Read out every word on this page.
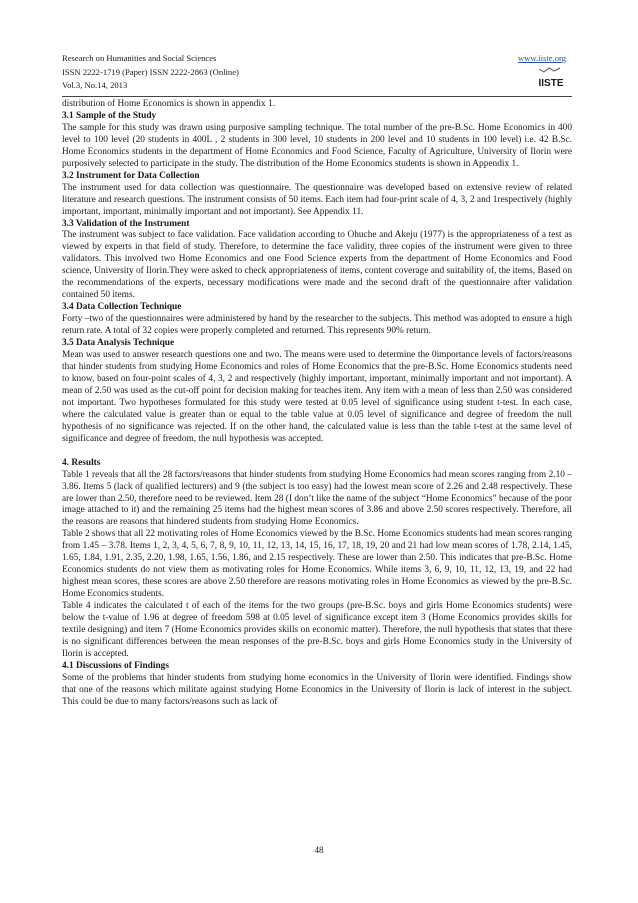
Research on Humanities and Social Sciences
ISSN 2222-1719 (Paper) ISSN 2222-2863 (Online)
Vol.3, No.14, 2013
www.iiste.org
IISTE

distribution of Home Economics is shown in appendix 1.

3.1 Sample of the Study

The sample for this study was drawn using purposive sampling technique. The total number of the pre-B.Sc. Home Economics in 400 level to 100 level (20 students in 400L , 2 students in 300 level, 10 students in 200 level and 10 students in 100 level) i.e. 42 B.Sc. Home Economics students in the department of Home Economics and Food Science, Faculty of Agriculture, University of Ilorin were purposively selected to participate in the study. The distribution of the Home Economics students is shown in Appendix 1.

3.2 Instrument for Data Collection

The instrument used for data collection was questionnaire. The questionnaire was developed based on extensive review of related literature and research questions. The instrument consists of 50 items. Each item had four-print scale of 4, 3, 2 and 1respectively (highly important, important, minimally important and not important). See Appendix 11.

3.3 Validation of the Instrument

The instrument was subject to face validation. Face validation according to Ohuche and Akeju (1977) is the appropriateness of a test as viewed by experts in that field of study. Therefore, to determine the face validity, three copies of the instrument were given to three validators. This involved two Home Economics and one Food Science experts from the department of Home Economics and Food science, University of Ilorin.They were asked to check appropriateness of items, content coverage and suitability of, the items, Based on the recommendations of the experts, necessary modifications were made and the second draft of the questionnaire after validation contained 50 items.

3.4 Data Collection Technique

Forty –two of the questionnaires were administered by hand by the researcher to the subjects. This method was adopted to ensure a high return rate. A total of 32 copies were properly completed and returned. This represents 90% return.

3.5 Data Analysis Technique

Mean was used to answer research questions one and two. The means were used to determine the 0importance levels of factors/reasons that hinder students from studying Home Economics and roles of Home Economics that the pre-B.Sc. Home Economics students need to know, based on four-point scales of 4, 3, 2 and respectively (highly important, important, minimally important and not important). A mean of 2.50 was used as the cut-off point for decision making for teaches item. Any item with a mean of less than 2.50 was considered not important. Two hypotheses formulated for this study were tested at 0.05 level of significance using student t-test. In each case, where the calculated value is greater than or equal to the table value at 0.05 level of significance and degree of freedom the null hypothesis of no significance was rejected. If on the other hand, the calculated value is less than the table t-test at the same level of significance and degree of freedom, the null hypothesis was accepted.

4. Results

Table 1 reveals that all the 28 factors/reasons that hinder students from studying Home Economics had mean scores ranging from 2.10 – 3.86. Items 5 (lack of qualified lecturers) and 9 (the subject is too easy) had the lowest mean score of 2.26 and 2.48 respectively. These are lower than 2.50, therefore need to be reviewed. Item 28 (I don’t like the name of the subject “Home Economics” because of the poor image attached to it) and the remaining 25 items had the highest mean scores of 3.86 and above 2.50 scores respectively. Therefore, all the reasons are reasons that hindered students from studying Home Economics.

Table 2 shows that all 22 motivating roles of Home Economics viewed by the B.Sc. Home Economics students had mean scores ranging from 1.45 – 3.78. Items 1, 2, 3, 4, 5, 6, 7, 8, 9, 10, 11, 12, 13, 14, 15, 16, 17, 18, 19, 20 and 21 had low mean scores of 1.78, 2.14, 1.45, 1.65, 1.84, 1.91, 2.35, 2.20, 1.98, 1.65, 1.56, 1.86, and 2.15 respectively. These are lower than 2.50. This indicates that pre-B.Sc. Home Economics students do not view them as motivating roles for Home Economics. While items 3, 6, 9, 10, 11, 12, 13, 19, and 22 had highest mean scores, these scores are above 2.50 therefore are reasons motivating roles in Home Economics as viewed by the pre-B.Sc. Home Economics students.

Table 4 indicates the calculated t of each of the items for the two groups (pre-B.Sc. boys and girls Home Economics students) were below the t-value of 1.96 at degree of freedom 598 at 0.05 level of significance except item 3 (Home Economics provides skills for textile designing) and item 7 (Home Economics provides skills on economic matter). Therefore, the null hypothesis that states that there is no significant differences between the mean responses of the pre-B.Sc. boys and girls Home Economics study in the University of Ilorin is accepted.

4.1 Discussions of Findings

Some of the problems that hinder students from studying home economics in the University of Ilorin were identified. Findings show that one of the reasons which militate against studying Home Economics in the University of Ilorin is lack of interest in the subject. This could be due to many factors/reasons such as lack of

48
